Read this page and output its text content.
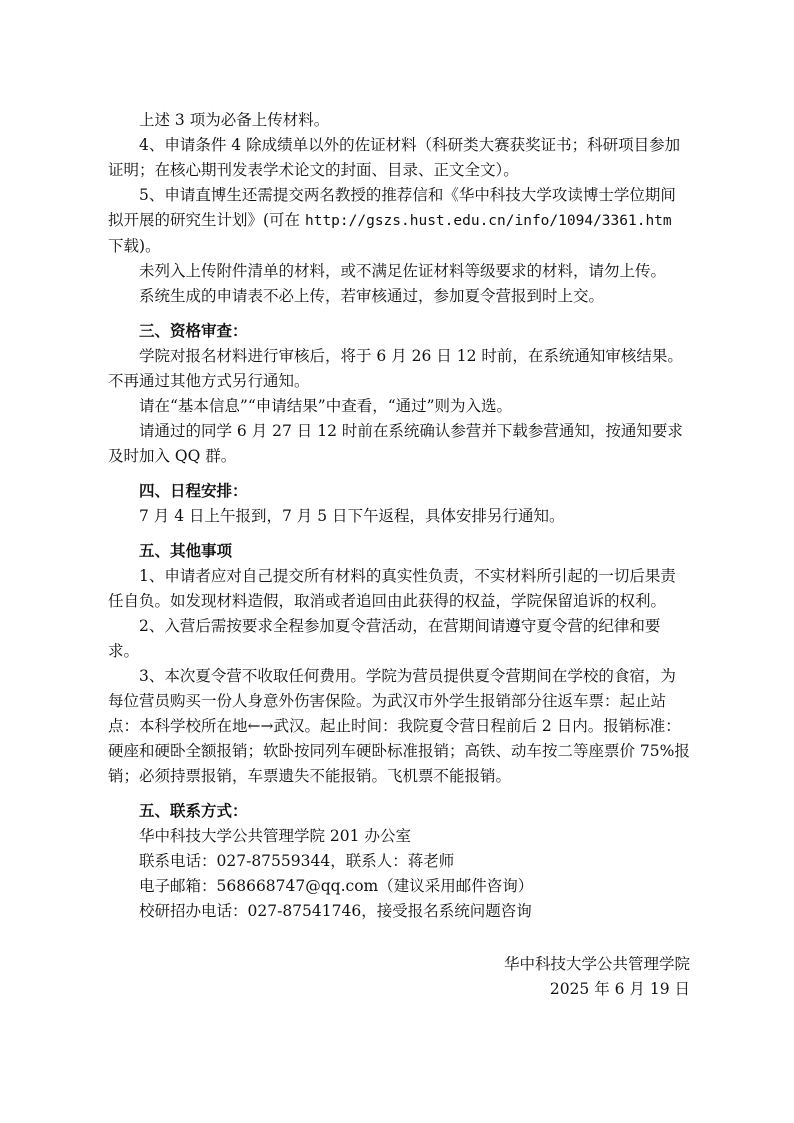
上述 3 项为必备上传材料。

4、申请条件 4 除成绩单以外的佐证材料（科研类大赛获奖证书；科研项目参加证明；在核心期刊发表学术论文的封面、目录、正文全文）。

5、申请直博生还需提交两名教授的推荐信和《华中科技大学攻读博士学位期间拟开展的研究生计划》(可在 http://gszs.hust.edu.cn/info/1094/3361.htm 下载)。

未列入上传附件清单的材料，或不满足佐证材料等级要求的材料，请勿上传。

系统生成的申请表不必上传，若审核通过，参加夏令营报到时上交。

三、资格审查：

学院对报名材料进行审核后，将于 6 月 26 日 12 时前，在系统通知审核结果。不再通过其他方式另行通知。

请在“基本信息”“申请结果”中查看，“通过”则为入选。

请通过的同学 6 月 27 日 12 时前在系统确认参营并下载参营通知，按通知要求及时加入 QQ 群。

四、日程安排：

7 月 4 日上午报到，7 月 5 日下午返程，具体安排另行通知。

五、其他事项

1、申请者应对自己提交所有材料的真实性负责，不实材料所引起的一切后果责任自负。如发现材料造假，取消或者追回由此获得的权益，学院保留追诉的权利。

2、入营后需按要求全程参加夏令营活动，在营期间请遵守夏令营的纪律和要求。

3、本次夏令营不收取任何费用。学院为营员提供夏令营期间在学校的食宿，为每位营员购买一份人身意外伤害保险。为武汉市外学生报销部分往返车票：起止站点：本科学校所在地←→武汉。起止时间：我院夏令营日程前后 2 日内。报销标准：硬座和硬卧全额报销；软卧按同列车硬卧标准报销；高铁、动车按二等座票价 75%报销；必须持票报销，车票遗失不能报销。飞机票不能报销。

五、联系方式：

华中科技大学公共管理学院 201 办公室

联系电话：027-87559344，联系人：蒋老师

电子邮箱：568668747@qq.com（建议采用邮件咨询）

校研招办电话：027-87541746，接受报名系统问题咨询

华中科技大学公共管理学院

2025 年 6 月 19 日
